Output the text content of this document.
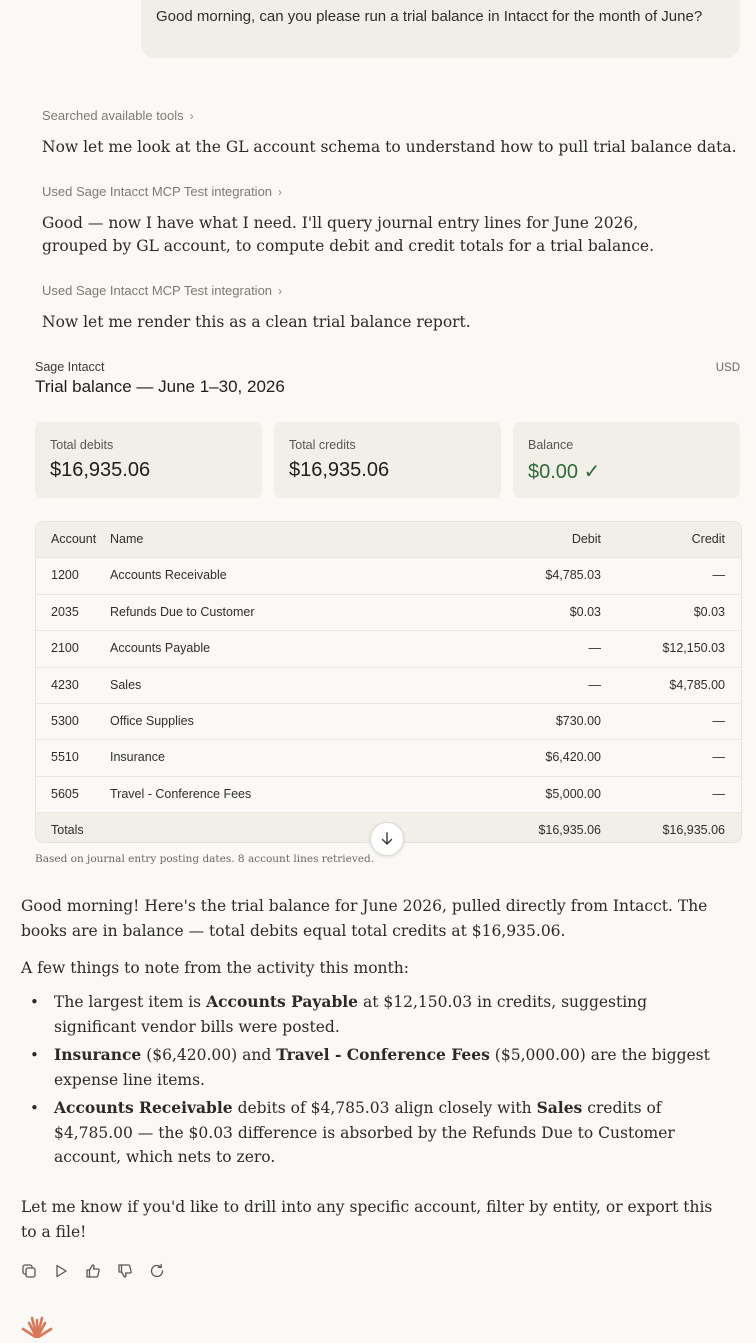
Good morning, can you please run a trial balance in Intacct for the month of June?
Searched available tools ›
Now let me look at the GL account schema to understand how to pull trial balance data.
Used Sage Intacct MCP Test integration ›
Good — now I have what I need. I'll query journal entry lines for June 2026, grouped by GL account, to compute debit and credit totals for a trial balance.
Used Sage Intacct MCP Test integration ›
Now let me render this as a clean trial balance report.
Sage Intacct
Trial balance — June 1–30, 2026
USD
Total debits
$16,935.06
Total credits
$16,935.06
Balance
$0.00 ✓
Account Name	Debit	Credit
1200 Accounts Receivable	$4,785.03	—
2035 Refunds Due to Customer	$0.03	$0.03
2100 Accounts Payable	—	$12,150.03
4230 Sales	—	$4,785.00
5300 Office Supplies	$730.00	—
5510 Insurance	$6,420.00	—
5605 Travel - Conference Fees	$5,000.00	—
Totals	$16,935.06	$16,935.06
Based on journal entry posting dates. 8 account lines retrieved.
Good morning! Here's the trial balance for June 2026, pulled directly from Intacct. The books are in balance — total debits equal total credits at $16,935.06.
A few things to note from the activity this month:
• The largest item is Accounts Payable at $12,150.03 in credits, suggesting significant vendor bills were posted.
• Insurance ($6,420.00) and Travel - Conference Fees ($5,000.00) are the biggest expense line items.
• Accounts Receivable debits of $4,785.03 align closely with Sales credits of $4,785.00 — the $0.03 difference is absorbed by the Refunds Due to Customer account, which nets to zero.
Let me know if you'd like to drill into any specific account, filter by entity, or export this to a file!
